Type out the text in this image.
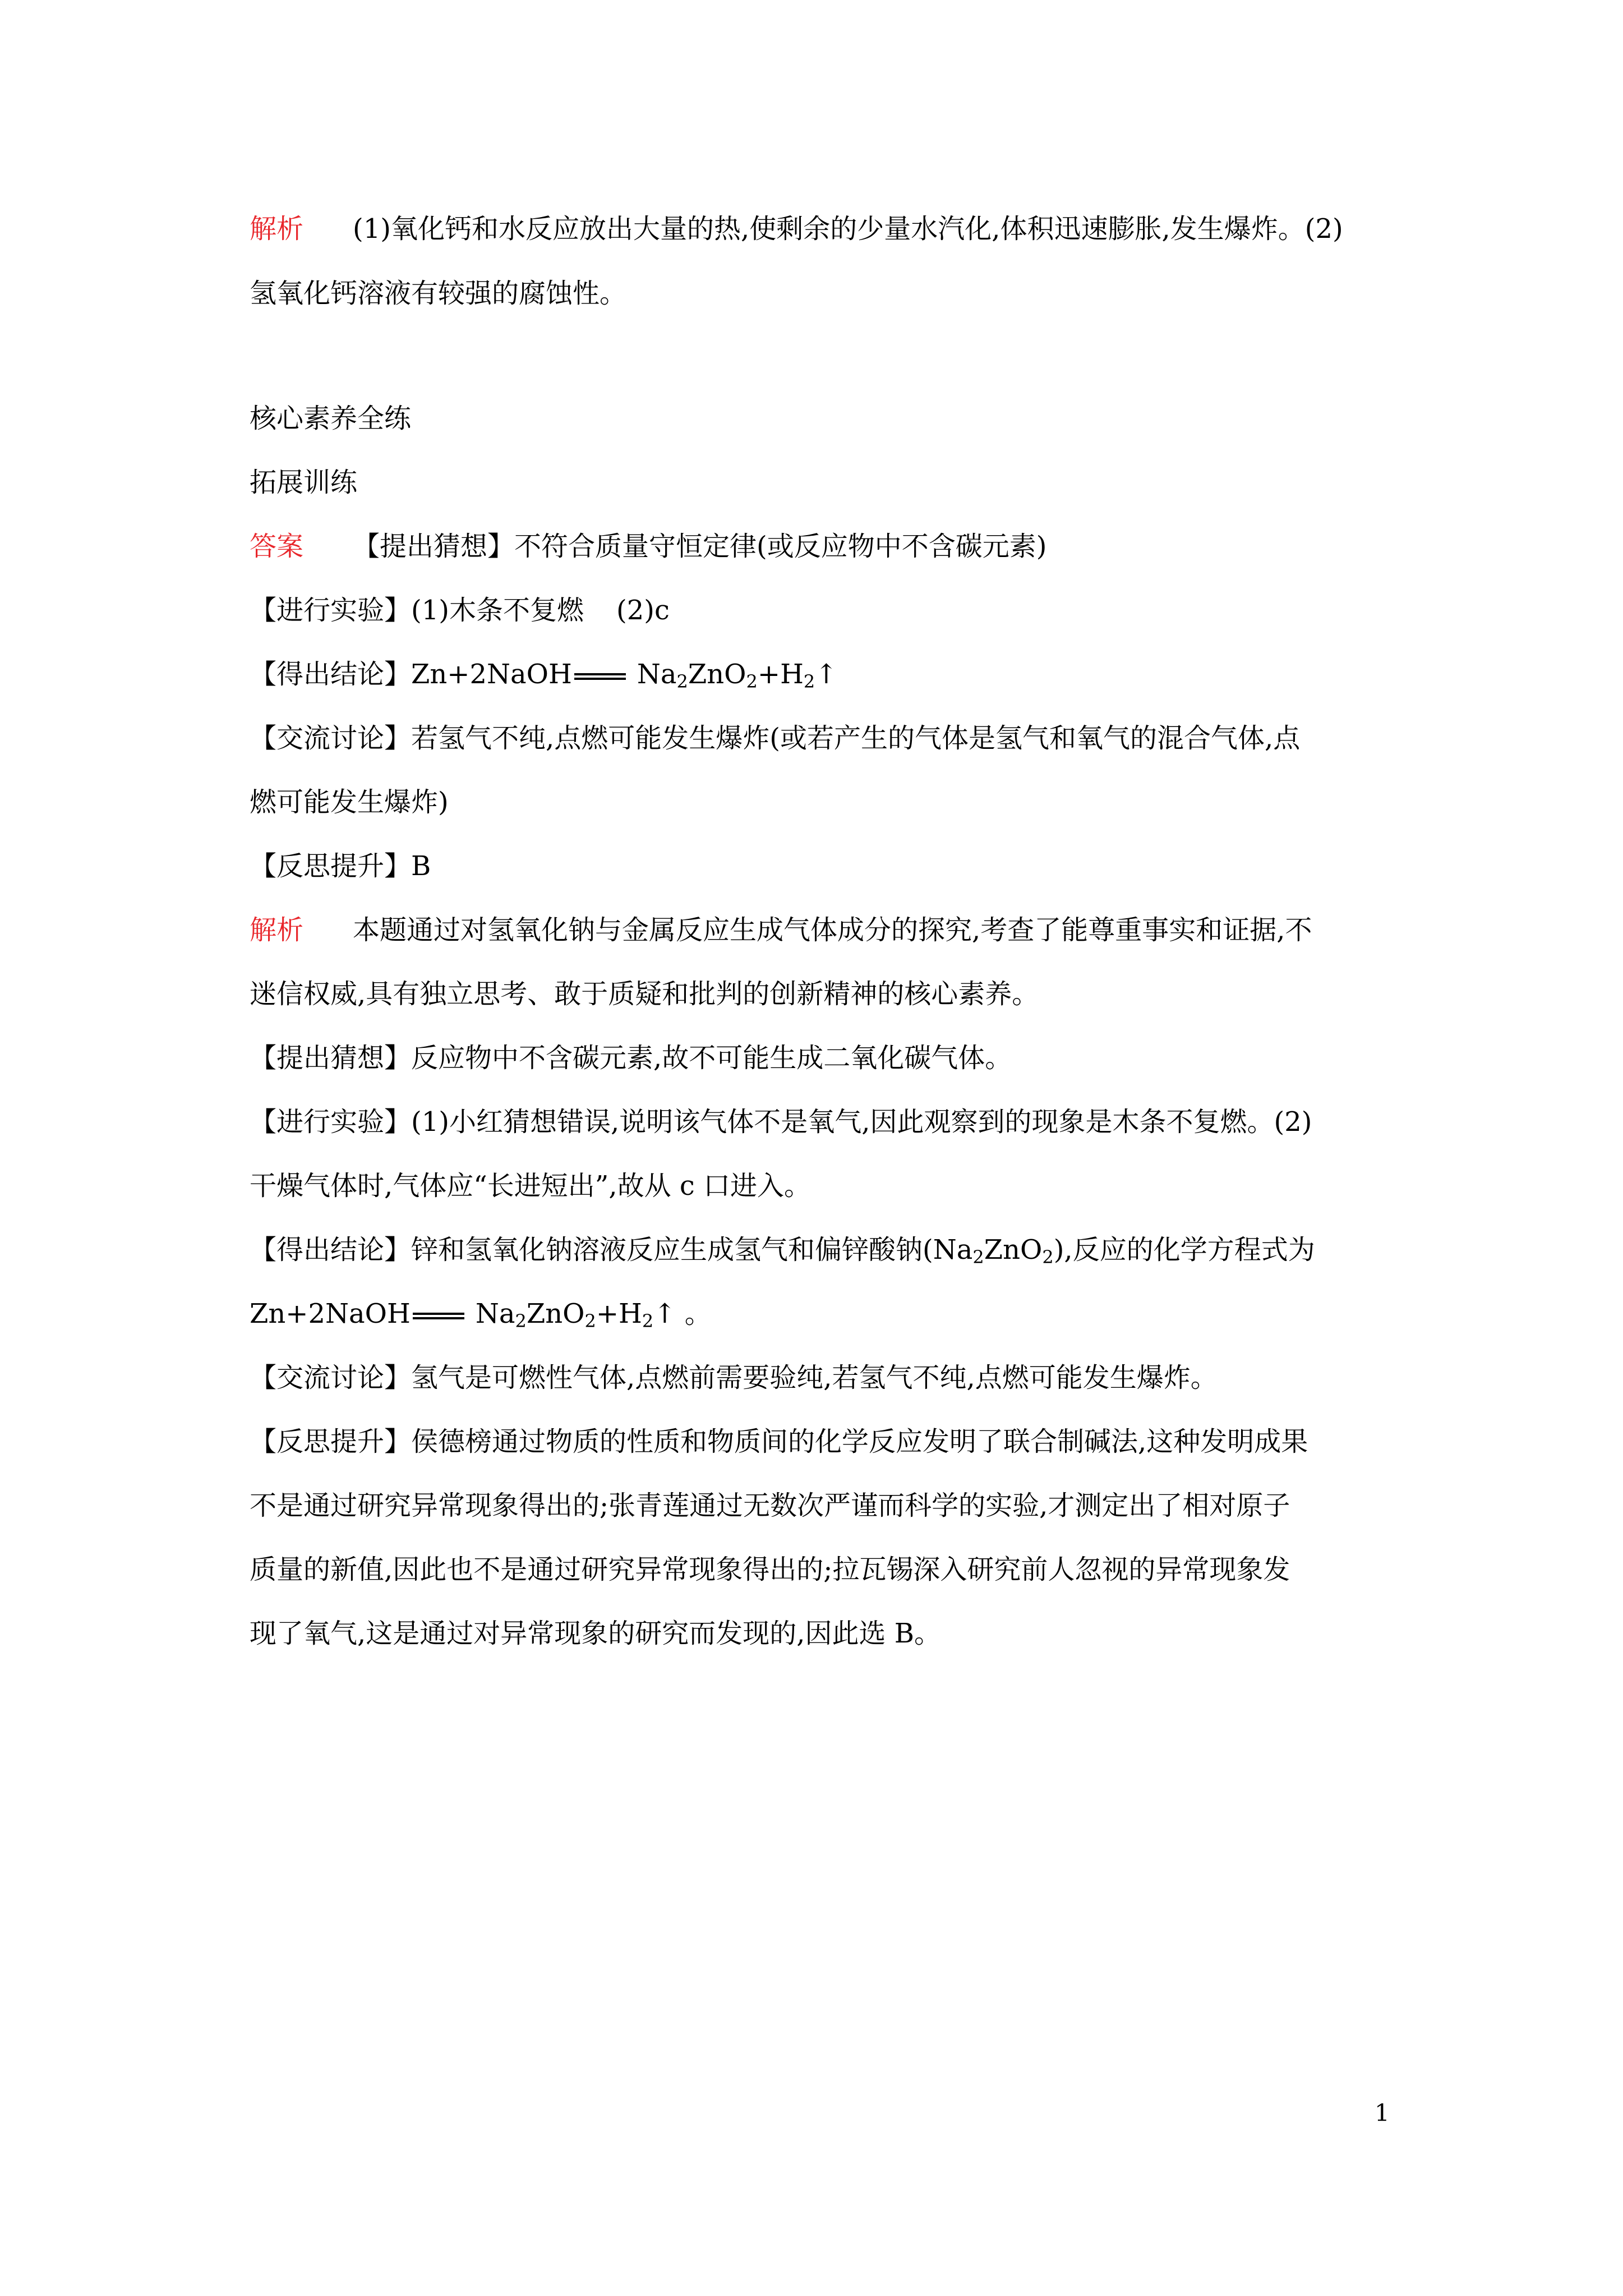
解析 (1)氧化钙和水反应放出大量的热,使剩余的少量水汽化,体积迅速膨胀,发生爆炸。(2)
氢氧化钙溶液有较强的腐蚀性。
核心素养全练
拓展训练
答案 【提出猜想】不符合质量守恒定律(或反应物中不含碳元素)
【进行实验】(1)木条不复燃 (2)c
【得出结论】Zn+2NaOH $Na_2ZnO_2+H_2↑$
【交流讨论】若氢气不纯,点燃可能发生爆炸(或若产生的气体是氢气和氧气的混合气体,点
燃可能发生爆炸)
【反思提升】B
解析 本题通过对氢氧化钠与金属反应生成气体成分的探究,考查了能尊重事实和证据,不
迷信权威,具有独立思考、敢于质疑和批判的创新精神的核心素养。
【提出猜想】反应物中不含碳元素,故不可能生成二氧化碳气体。
【进行实验】(1)小红猜想错误,说明该气体不是氧气,因此观察到的现象是木条不复燃。(2)
干燥气体时,气体应“长进短出”,故从 c 口进入。
【得出结论】锌和氢氧化钠溶液反应生成氢气和偏锌酸钠$(Na_2ZnO_2)$,反应的化学方程式为
Zn+2NaOH $Na_2ZnO_2+H_2↑$ 。
【交流讨论】氢气是可燃性气体,点燃前需要验纯,若氢气不纯,点燃可能发生爆炸。
【反思提升】侯德榜通过物质的性质和物质间的化学反应发明了联合制碱法,这种发明成果
不是通过研究异常现象得出的;张青莲通过无数次严谨而科学的实验,才测定出了相对原子
质量的新值,因此也不是通过研究异常现象得出的;拉瓦锡深入研究前人忽视的异常现象发
现了氧气,这是通过对异常现象的研究而发现的,因此选 B。
1
